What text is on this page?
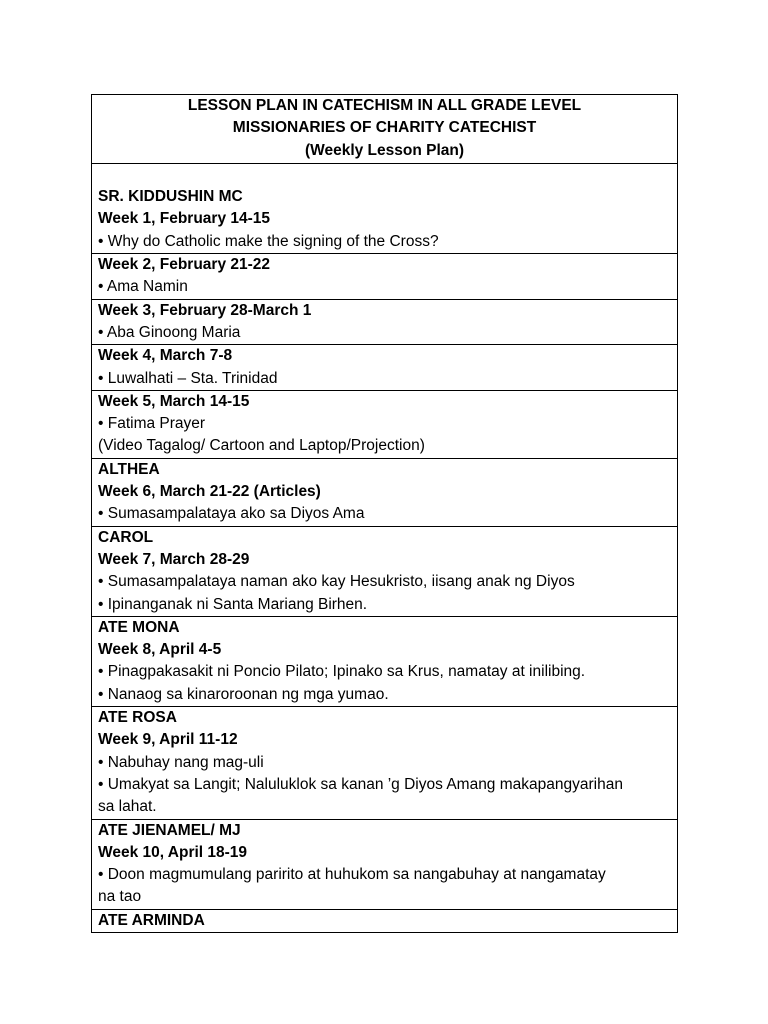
LESSON PLAN IN CATECHISM IN ALL GRADE LEVEL
MISSIONARIES OF CHARITY CATECHIST
(Weekly Lesson Plan)
SR. KIDDUSHIN MC
Week 1, February 14-15
• Why do Catholic make the signing of the Cross?
Week 2, February 21-22
• Ama Namin
Week 3, February 28-March 1
• Aba Ginoong Maria
Week 4, March 7-8
• Luwalhati – Sta. Trinidad
Week 5, March 14-15
• Fatima Prayer
(Video Tagalog/ Cartoon and Laptop/Projection)
ALTHEA
Week 6, March 21-22 (Articles)
• Sumasampalataya ako sa Diyos Ama
CAROL
Week 7, March 28-29
• Sumasampalataya naman ako kay Hesukristo, iisang anak ng Diyos
• Ipinanganak ni Santa Mariang Birhen.
ATE MONA
Week 8, April 4-5
• Pinagpakasakit ni Poncio Pilato; Ipinako sa Krus, namatay at inilibing.
• Nanaog sa kinaroroonan ng mga yumao.
ATE ROSA
Week 9, April 11-12
• Nabuhay nang mag-uli
• Umakyat sa Langit; Naluluklok sa kanan ’g Diyos Amang makapangyarihan
sa lahat.
ATE JIENAMEL/ MJ
Week 10, April 18-19
• Doon magmumulang paririto at huhukom sa nangabuhay at nangamatay
na tao
ATE ARMINDA
